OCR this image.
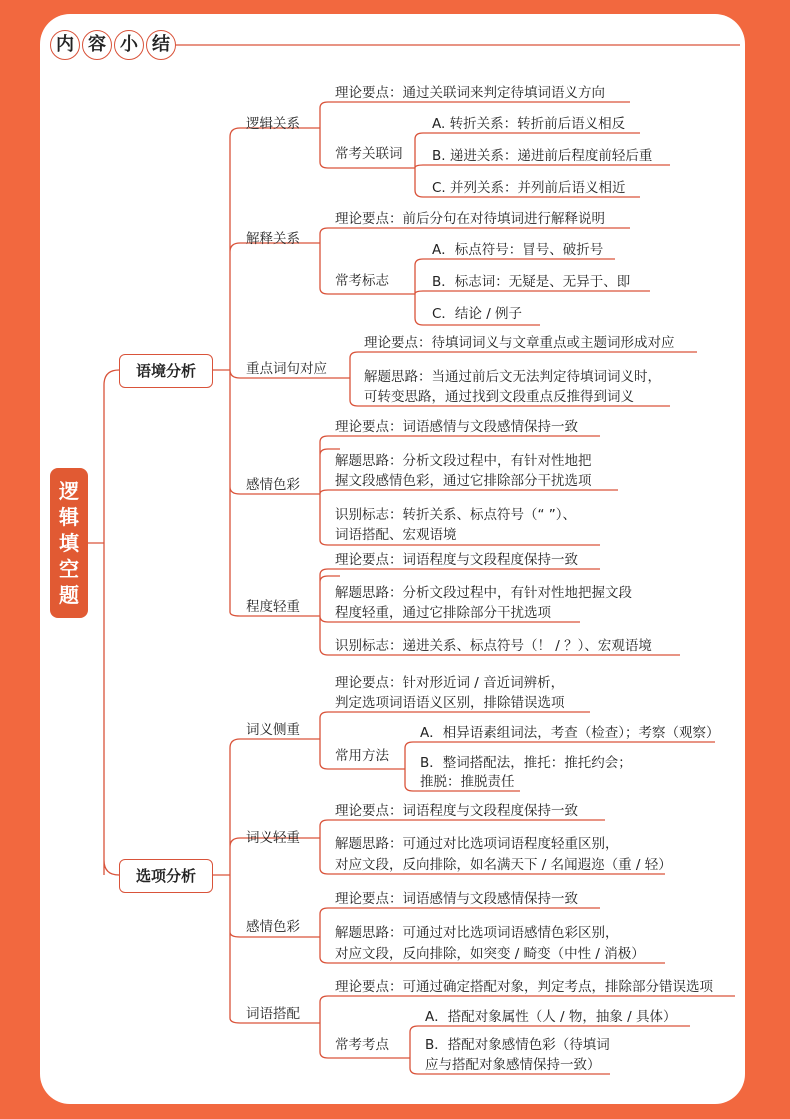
内 容 小 结
逻辑填空题
语境分析
选项分析
逻辑关系
理论要点：通过关联词来判定待填词语义方向
常考关联词
A. 转折关系：转折前后语义相反
B. 递进关系：递进前后程度前轻后重
C. 并列关系：并列前后语义相近
解释关系
理论要点：前后分句在对待填词进行解释说明
常考标志
A．标点符号：冒号、破折号
B．标志词：无疑是、无异于、即
C．结论 / 例子
重点词句对应
理论要点：待填词词义与文章重点或主题词形成对应
解题思路：当通过前后文无法判定待填词词义时，
可转变思路，通过找到文段重点反推得到词义
感情色彩
理论要点：词语感情与文段感情保持一致
解题思路：分析文段过程中，有针对性地把
握文段感情色彩，通过它排除部分干扰选项
识别标志：转折关系、标点符号（“ ”）、
词语搭配、宏观语境
程度轻重
理论要点：词语程度与文段程度保持一致
解题思路：分析文段过程中，有针对性地把握文段
程度轻重，通过它排除部分干扰选项
识别标志：递进关系、标点符号（！ / ？）、宏观语境
词义侧重
理论要点：针对形近词 / 音近词辨析，
判定选项词语语义区别，排除错误选项
常用方法
A．相异语素组词法，考查（检查）；考察（观察）
B．整词搭配法，推托：推托约会；
推脱：推脱责任
词义轻重
理论要点：词语程度与文段程度保持一致
解题思路：可通过对比选项词语程度轻重区别，
对应文段，反向排除，如名满天下 / 名闻遐迩（重 / 轻）
感情色彩
理论要点：词语感情与文段感情保持一致
解题思路：可通过对比选项词语感情色彩区别，
对应文段，反向排除，如突变 / 畸变（中性 / 消极）
词语搭配
理论要点：可通过确定搭配对象，判定考点，排除部分错误选项
常考考点
A．搭配对象属性（人 / 物，抽象 / 具体）
B．搭配对象感情色彩（待填词
应与搭配对象感情保持一致）
